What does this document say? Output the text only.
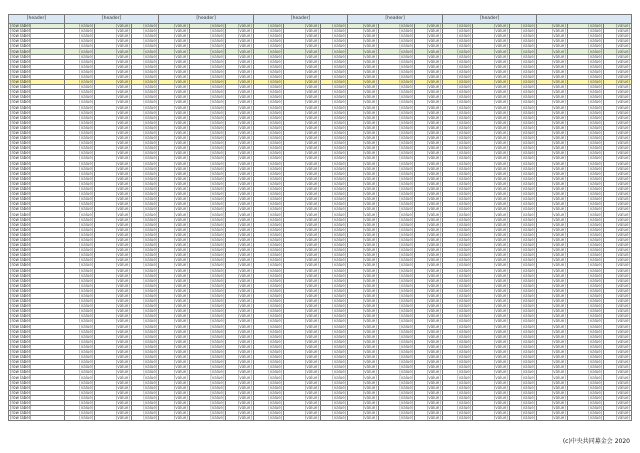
[header]	[header]			[header]			[header]			[header]			[header]					
[row label]	[value]	[value]	[value]	[value]	[value]	[value]	[value]	[value]	[value]	[value]	[value]	[value]	[value]	[value]	[value]	[value]	[value]	[value]
[row label]	[value]	[value]	[value]	[value]	[value]	[value]	[value]	[value]	[value]	[value]	[value]	[value]	[value]	[value]	[value]	[value]	[value]	[value]
[row label]	[value]	[value]	[value]	[value]	[value]	[value]	[value]	[value]	[value]	[value]	[value]	[value]	[value]	[value]	[value]	[value]	[value]	[value]
[row label]	[value]	[value]	[value]	[value]	[value]	[value]	[value]	[value]	[value]	[value]	[value]	[value]	[value]	[value]	[value]	[value]	[value]	[value]
[row label]	[value]	[value]	[value]	[value]	[value]	[value]	[value]	[value]	[value]	[value]	[value]	[value]	[value]	[value]	[value]	[value]	[value]	[value]
[row label]	[value]	[value]	[value]	[value]	[value]	[value]	[value]	[value]	[value]	[value]	[value]	[value]	[value]	[value]	[value]	[value]	[value]	[value]
[row label]	[value]	[value]	[value]	[value]	[value]	[value]	[value]	[value]	[value]	[value]	[value]	[value]	[value]	[value]	[value]	[value]	[value]	[value]
[row label]	[value]	[value]	[value]	[value]	[value]	[value]	[value]	[value]	[value]	[value]	[value]	[value]	[value]	[value]	[value]	[value]	[value]	[value]
[row label]	[value]	[value]	[value]	[value]	[value]	[value]	[value]	[value]	[value]	[value]	[value]	[value]	[value]	[value]	[value]	[value]	[value]	[value]
[row label]	[value]	[value]	[value]	[value]	[value]	[value]	[value]	[value]	[value]	[value]	[value]	[value]	[value]	[value]	[value]	[value]	[value]	[value]
[row label]	[value]	[value]	[value]	[value]	[value]	[value]	[value]	[value]	[value]	[value]	[value]	[value]	[value]	[value]	[value]	[value]	[value]	[value]
[row label]	[value]	[value]	[value]	[value]	[value]	[value]	[value]	[value]	[value]	[value]	[value]	[value]	[value]	[value]	[value]	[value]	[value]	[value]
[row label]	[value]	[value]	[value]	[value]	[value]	[value]	[value]	[value]	[value]	[value]	[value]	[value]	[value]	[value]	[value]	[value]	[value]	[value]
[row label]	[value]	[value]	[value]	[value]	[value]	[value]	[value]	[value]	[value]	[value]	[value]	[value]	[value]	[value]	[value]	[value]	[value]	[value]
[row label]	[value]	[value]	[value]	[value]	[value]	[value]	[value]	[value]	[value]	[value]	[value]	[value]	[value]	[value]	[value]	[value]	[value]	[value]
[row label]	[value]	[value]	[value]	[value]	[value]	[value]	[value]	[value]	[value]	[value]	[value]	[value]	[value]	[value]	[value]	[value]	[value]	[value]
[row label]	[value]	[value]	[value]	[value]	[value]	[value]	[value]	[value]	[value]	[value]	[value]	[value]	[value]	[value]	[value]	[value]	[value]	[value]
[row label]	[value]	[value]	[value]	[value]	[value]	[value]	[value]	[value]	[value]	[value]	[value]	[value]	[value]	[value]	[value]	[value]	[value]	[value]
[row label]	[value]	[value]	[value]	[value]	[value]	[value]	[value]	[value]	[value]	[value]	[value]	[value]	[value]	[value]	[value]	[value]	[value]	[value]
[row label]	[value]	[value]	[value]	[value]	[value]	[value]	[value]	[value]	[value]	[value]	[value]	[value]	[value]	[value]	[value]	[value]	[value]	[value]
[row label]	[value]	[value]	[value]	[value]	[value]	[value]	[value]	[value]	[value]	[value]	[value]	[value]	[value]	[value]	[value]	[value]	[value]	[value]
[row label]	[value]	[value]	[value]	[value]	[value]	[value]	[value]	[value]	[value]	[value]	[value]	[value]	[value]	[value]	[value]	[value]	[value]	[value]
[row label]	[value]	[value]	[value]	[value]	[value]	[value]	[value]	[value]	[value]	[value]	[value]	[value]	[value]	[value]	[value]	[value]	[value]	[value]
[row label]	[value]	[value]	[value]	[value]	[value]	[value]	[value]	[value]	[value]	[value]	[value]	[value]	[value]	[value]	[value]	[value]	[value]	[value]
[row label]	[value]	[value]	[value]	[value]	[value]	[value]	[value]	[value]	[value]	[value]	[value]	[value]	[value]	[value]	[value]	[value]	[value]	[value]
[row label]	[value]	[value]	[value]	[value]	[value]	[value]	[value]	[value]	[value]	[value]	[value]	[value]	[value]	[value]	[value]	[value]	[value]	[value]
[row label]	[value]	[value]	[value]	[value]	[value]	[value]	[value]	[value]	[value]	[value]	[value]	[value]	[value]	[value]	[value]	[value]	[value]	[value]
[row label]	[value]	[value]	[value]	[value]	[value]	[value]	[value]	[value]	[value]	[value]	[value]	[value]	[value]	[value]	[value]	[value]	[value]	[value]
[row label]	[value]	[value]	[value]	[value]	[value]	[value]	[value]	[value]	[value]	[value]	[value]	[value]	[value]	[value]	[value]	[value]	[value]	[value]
[row label]	[value]	[value]	[value]	[value]	[value]	[value]	[value]	[value]	[value]	[value]	[value]	[value]	[value]	[value]	[value]	[value]	[value]	[value]
[row label]	[value]	[value]	[value]	[value]	[value]	[value]	[value]	[value]	[value]	[value]	[value]	[value]	[value]	[value]	[value]	[value]	[value]	[value]
[row label]	[value]	[value]	[value]	[value]	[value]	[value]	[value]	[value]	[value]	[value]	[value]	[value]	[value]	[value]	[value]	[value]	[value]	[value]
[row label]	[value]	[value]	[value]	[value]	[value]	[value]	[value]	[value]	[value]	[value]	[value]	[value]	[value]	[value]	[value]	[value]	[value]	[value]
[row label]	[value]	[value]	[value]	[value]	[value]	[value]	[value]	[value]	[value]	[value]	[value]	[value]	[value]	[value]	[value]	[value]	[value]	[value]
[row label]	[value]	[value]	[value]	[value]	[value]	[value]	[value]	[value]	[value]	[value]	[value]	[value]	[value]	[value]	[value]	[value]	[value]	[value]
[row label]	[value]	[value]	[value]	[value]	[value]	[value]	[value]	[value]	[value]	[value]	[value]	[value]	[value]	[value]	[value]	[value]	[value]	[value]
[row label]	[value]	[value]	[value]	[value]	[value]	[value]	[value]	[value]	[value]	[value]	[value]	[value]	[value]	[value]	[value]	[value]	[value]	[value]
[row label]	[value]	[value]	[value]	[value]	[value]	[value]	[value]	[value]	[value]	[value]	[value]	[value]	[value]	[value]	[value]	[value]	[value]	[value]
[row label]	[value]	[value]	[value]	[value]	[value]	[value]	[value]	[value]	[value]	[value]	[value]	[value]	[value]	[value]	[value]	[value]	[value]	[value]
[row label]	[value]	[value]	[value]	[value]	[value]	[value]	[value]	[value]	[value]	[value]	[value]	[value]	[value]	[value]	[value]	[value]	[value]	[value]
[row label]	[value]	[value]	[value]	[value]	[value]	[value]	[value]	[value]	[value]	[value]	[value]	[value]	[value]	[value]	[value]	[value]	[value]	[value]
[row label]	[value]	[value]	[value]	[value]	[value]	[value]	[value]	[value]	[value]	[value]	[value]	[value]	[value]	[value]	[value]	[value]	[value]	[value]
[row label]	[value]	[value]	[value]	[value]	[value]	[value]	[value]	[value]	[value]	[value]	[value]	[value]	[value]	[value]	[value]	[value]	[value]	[value]
[row label]	[value]	[value]	[value]	[value]	[value]	[value]	[value]	[value]	[value]	[value]	[value]	[value]	[value]	[value]	[value]	[value]	[value]	[value]
[row label]	[value]	[value]	[value]	[value]	[value]	[value]	[value]	[value]	[value]	[value]	[value]	[value]	[value]	[value]	[value]	[value]	[value]	[value]
[row label]	[value]	[value]	[value]	[value]	[value]	[value]	[value]	[value]	[value]	[value]	[value]	[value]	[value]	[value]	[value]	[value]	[value]	[value]
[row label]	[value]	[value]	[value]	[value]	[value]	[value]	[value]	[value]	[value]	[value]	[value]	[value]	[value]	[value]	[value]	[value]	[value]	[value]
[row label]	[value]	[value]	[value]	[value]	[value]	[value]	[value]	[value]	[value]	[value]	[value]	[value]	[value]	[value]	[value]	[value]	[value]	[value]
[row label]	[value]	[value]	[value]	[value]	[value]	[value]	[value]	[value]	[value]	[value]	[value]	[value]	[value]	[value]	[value]	[value]	[value]	[value]
[row label]	[value]	[value]	[value]	[value]	[value]	[value]	[value]	[value]	[value]	[value]	[value]	[value]	[value]	[value]	[value]	[value]	[value]	[value]
[row label]	[value]	[value]	[value]	[value]	[value]	[value]	[value]	[value]	[value]	[value]	[value]	[value]	[value]	[value]	[value]	[value]	[value]	[value]
[row label]	[value]	[value]	[value]	[value]	[value]	[value]	[value]	[value]	[value]	[value]	[value]	[value]	[value]	[value]	[value]	[value]	[value]	[value]
[row label]	[value]	[value]	[value]	[value]	[value]	[value]	[value]	[value]	[value]	[value]	[value]	[value]	[value]	[value]	[value]	[value]	[value]	[value]
[row label]	[value]	[value]	[value]	[value]	[value]	[value]	[value]	[value]	[value]	[value]	[value]	[value]	[value]	[value]	[value]	[value]	[value]	[value]
[row label]	[value]	[value]	[value]	[value]	[value]	[value]	[value]	[value]	[value]	[value]	[value]	[value]	[value]	[value]	[value]	[value]	[value]	[value]
[row label]	[value]	[value]	[value]	[value]	[value]	[value]	[value]	[value]	[value]	[value]	[value]	[value]	[value]	[value]	[value]	[value]	[value]	[value]
[row label]	[value]	[value]	[value]	[value]	[value]	[value]	[value]	[value]	[value]	[value]	[value]	[value]	[value]	[value]	[value]	[value]	[value]	[value]
[row label]	[value]	[value]	[value]	[value]	[value]	[value]	[value]	[value]	[value]	[value]	[value]	[value]	[value]	[value]	[value]	[value]	[value]	[value]
[row label]	[value]	[value]	[value]	[value]	[value]	[value]	[value]	[value]	[value]	[value]	[value]	[value]	[value]	[value]	[value]	[value]	[value]	[value]
[row label]	[value]	[value]	[value]	[value]	[value]	[value]	[value]	[value]	[value]	[value]	[value]	[value]	[value]	[value]	[value]	[value]	[value]	[value]
[row label]	[value]	[value]	[value]	[value]	[value]	[value]	[value]	[value]	[value]	[value]	[value]	[value]	[value]	[value]	[value]	[value]	[value]	[value]
[row label]	[value]	[value]	[value]	[value]	[value]	[value]	[value]	[value]	[value]	[value]	[value]	[value]	[value]	[value]	[value]	[value]	[value]	[value]
[row label]	[value]	[value]	[value]	[value]	[value]	[value]	[value]	[value]	[value]	[value]	[value]	[value]	[value]	[value]	[value]	[value]	[value]	[value]
[row label]	[value]	[value]	[value]	[value]	[value]	[value]	[value]	[value]	[value]	[value]	[value]	[value]	[value]	[value]	[value]	[value]	[value]	[value]
[row label]	[value]	[value]	[value]	[value]	[value]	[value]	[value]	[value]	[value]	[value]	[value]	[value]	[value]	[value]	[value]	[value]	[value]	[value]
[row label]	[value]	[value]	[value]	[value]	[value]	[value]	[value]	[value]	[value]	[value]	[value]	[value]	[value]	[value]	[value]	[value]	[value]	[value]
[row label]	[value]	[value]	[value]	[value]	[value]	[value]	[value]	[value]	[value]	[value]	[value]	[value]	[value]	[value]	[value]	[value]	[value]	[value]
[row label]	[value]	[value]	[value]	[value]	[value]	[value]	[value]	[value]	[value]	[value]	[value]	[value]	[value]	[value]	[value]	[value]	[value]	[value]
[row label]	[value]	[value]	[value]	[value]	[value]	[value]	[value]	[value]	[value]	[value]	[value]	[value]	[value]	[value]	[value]	[value]	[value]	[value]
[row label]	[value]	[value]	[value]	[value]	[value]	[value]	[value]	[value]	[value]	[value]	[value]	[value]	[value]	[value]	[value]	[value]	[value]	[value]
[row label]	[value]	[value]	[value]	[value]	[value]	[value]	[value]	[value]	[value]	[value]	[value]	[value]	[value]	[value]	[value]	[value]	[value]	[value]
[row label]	[value]	[value]	[value]	[value]	[value]	[value]	[value]	[value]	[value]	[value]	[value]	[value]	[value]	[value]	[value]	[value]	[value]	[value]
[row label]	[value]	[value]	[value]	[value]	[value]	[value]	[value]	[value]	[value]	[value]	[value]	[value]	[value]	[value]	[value]	[value]	[value]	[value]
[row label]	[value]	[value]	[value]	[value]	[value]	[value]	[value]	[value]	[value]	[value]	[value]	[value]	[value]	[value]	[value]	[value]	[value]	[value]
[row label]	[value]	[value]	[value]	[value]	[value]	[value]	[value]	[value]	[value]	[value]	[value]	[value]	[value]	[value]	[value]	[value]	[value]	[value]
[row label]	[value]	[value]	[value]	[value]	[value]	[value]	[value]	[value]	[value]	[value]	[value]	[value]	[value]	[value]	[value]	[value]	[value]	[value]
[row label]	[value]	[value]	[value]	[value]	[value]	[value]	[value]	[value]	[value]	[value]	[value]	[value]	[value]	[value]	[value]	[value]	[value]	[value]
[row label]	[value]	[value]	[value]	[value]	[value]	[value]	[value]	[value]	[value]	[value]	[value]	[value]	[value]	[value]	[value]	[value]	[value]	[value]
(c)中央共同募金会 2020
